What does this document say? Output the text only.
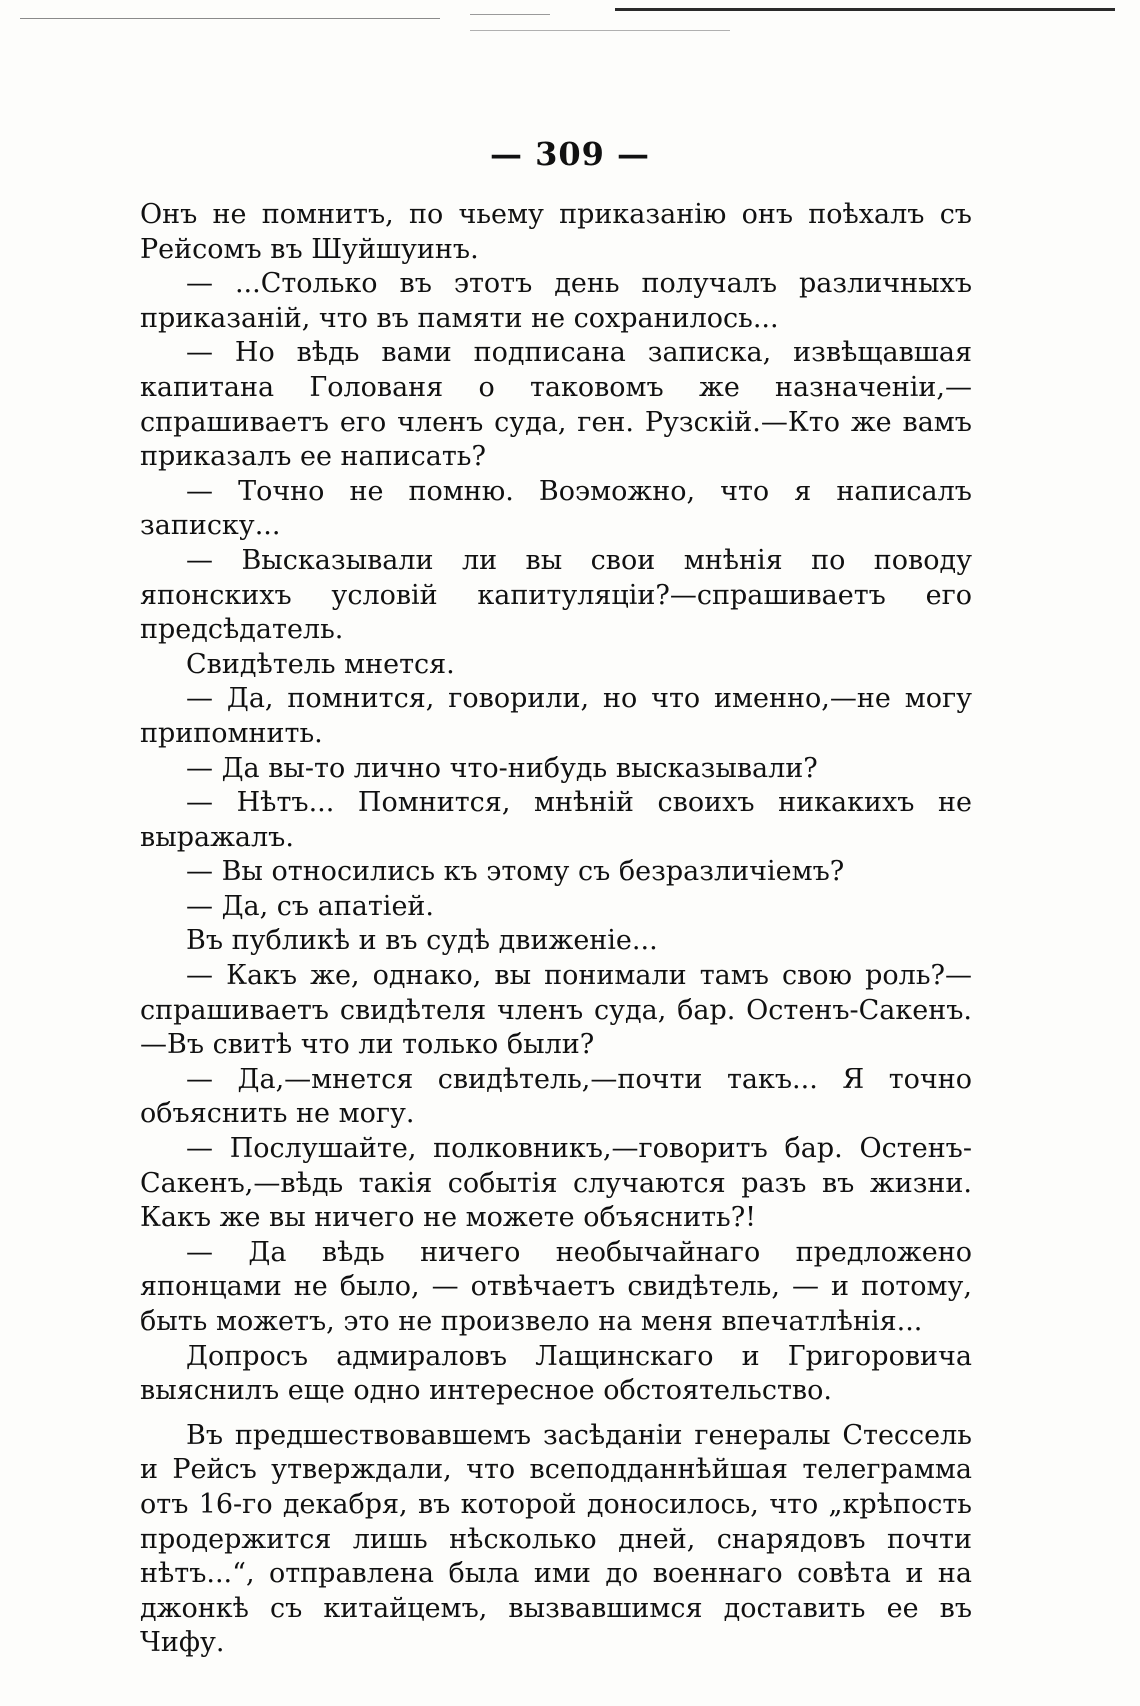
— 309 —

Онъ не помнитъ, по чьему приказанію онъ поѣхалъ съ Рейсомъ въ Шуйшуинъ.

— ...Столько въ этотъ день получалъ различныхъ приказаній, что въ памяти не сохранилось...

— Но вѣдь вами подписана записка, извѣщавшая капитана Голованя о таковомъ же назначеніи,—спрашиваетъ его членъ суда, ген. Рузскій.—Кто же вамъ приказалъ ее написать?

— Точно не помню. Воэможно, что я написалъ записку...

— Высказывали ли вы свои мнѣнія по поводу японскихъ условій капитуляціи?—спрашиваетъ его предсѣдатель.

Свидѣтель мнется.

— Да, помнится, говорили, но что именно,—не могу припомнить.

— Да вы-то лично что-нибудь высказывали?

— Нѣтъ... Помнится, мнѣній своихъ никакихъ не выражалъ.

— Вы относились къ этому съ безразличіемъ?

— Да, съ апатіей.

Въ публикѣ и въ судѣ движеніе...

— Какъ же, однако, вы понимали тамъ свою роль?—спрашиваетъ свидѣтеля членъ суда, бар. Остенъ-Сакенъ.—Въ свитѣ что ли только были?

— Да,—мнется свидѣтель,—почти такъ... Я точно объяснить не могу.

— Послушайте, полковникъ,—говоритъ бар. Остенъ-Сакенъ,—вѣдь такія событія случаются разъ въ жизни. Какъ же вы ничего не можете объяснить?!

— Да вѣдь ничего необычайнаго предложено японцами не было, — отвѣчаетъ свидѣтель, — и потому, быть можетъ, это не произвело на меня впечатлѣнія...

Допросъ адмираловъ Лащинскаго и Григоровича выяснилъ еще одно интересное обстоятельство.

Въ предшествовавшемъ засѣданіи генералы Стессель и Рейсъ утверждали, что всеподданнѣйшая телеграмма отъ 16-го декабря, въ которой доносилось, что „крѣпость продержится лишь нѣсколько дней, снарядовъ почти нѣтъ...“, отправлена была ими до военнаго совѣта и на джонкѣ съ китайцемъ, вызвавшимся доставить ее въ Чифу.
